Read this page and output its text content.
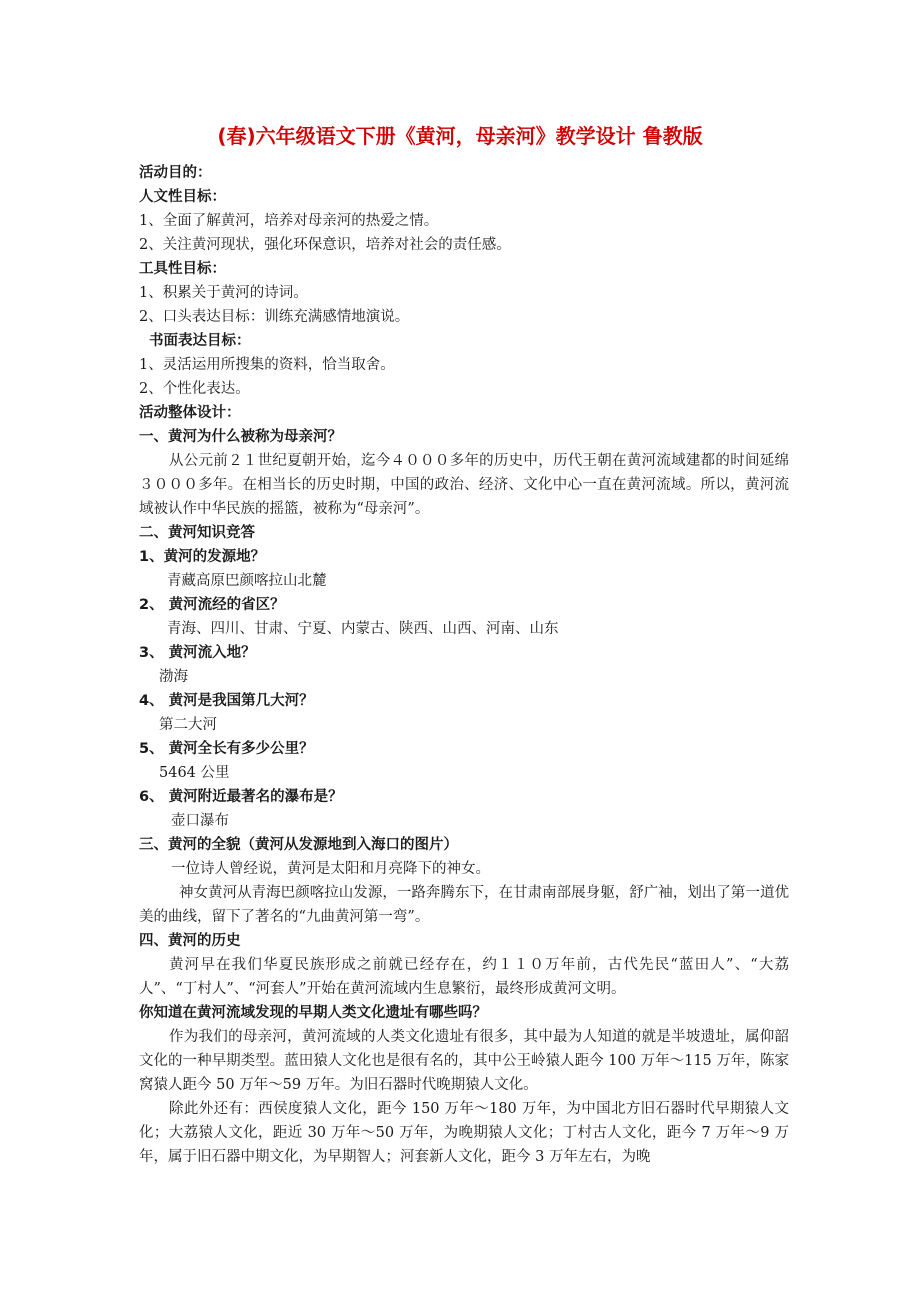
(春)六年级语文下册《黄河，母亲河》教学设计 鲁教版

活动目的：

人文性目标：

1、全面了解黄河，培养对母亲河的热爱之情。

2、关注黄河现状，强化环保意识，培养对社会的责任感。

工具性目标：

1、积累关于黄河的诗词。

2、口头表达目标：训练充满感情地演说。

书面表达目标：

1、灵活运用所搜集的资料，恰当取舍。

2、个性化表达。

活动整体设计：

一、黄河为什么被称为母亲河？

从公元前２１世纪夏朝开始，迄今４０００多年的历史中，历代王朝在黄河流域建都的时间延绵３０００多年。在相当长的历史时期，中国的政治、经济、文化中心一直在黄河流域。所以，黄河流域被认作中华民族的摇篮，被称为“母亲河”。

二、黄河知识竞答

1、黄河的发源地？

青藏高原巴颜喀拉山北麓

2、 黄河流经的省区？

青海、四川、甘肃、宁夏、内蒙古、陕西、山西、河南、山东

3、 黄河流入地？

渤海

4、 黄河是我国第几大河？

第二大河

5、 黄河全长有多少公里？

5464 公里

6、 黄河附近最著名的瀑布是？

壶口瀑布

三、黄河的全貌（黄河从发源地到入海口的图片）

一位诗人曾经说，黄河是太阳和月亮降下的神女。

神女黄河从青海巴颜喀拉山发源，一路奔腾东下，在甘肃南部展身躯，舒广袖，划出了第一道优美的曲线，留下了著名的“九曲黄河第一弯”。

四、黄河的历史

黄河早在我们华夏民族形成之前就已经存在，约１１０万年前，古代先民“蓝田人”、“大荔人”、“丁村人”、“河套人”开始在黄河流域内生息繁衍，最终形成黄河文明。

你知道在黄河流域发现的早期人类文化遗址有哪些吗？

作为我们的母亲河，黄河流域的人类文化遗址有很多，其中最为人知道的就是半坡遗址，属仰韶文化的一种早期类型。蓝田猿人文化也是很有名的，其中公王岭猿人距今 100 万年～115 万年，陈家窝猿人距今 50 万年～59 万年。为旧石器时代晚期猿人文化。

除此外还有：西侯度猿人文化，距今 150 万年～180 万年，为中国北方旧石器时代早期猿人文化；大荔猿人文化，距近 30 万年～50 万年，为晚期猿人文化；丁村古人文化，距今 7 万年～9 万年，属于旧石器中期文化，为早期智人；河套新人文化，距今 3 万年左右，为晚
